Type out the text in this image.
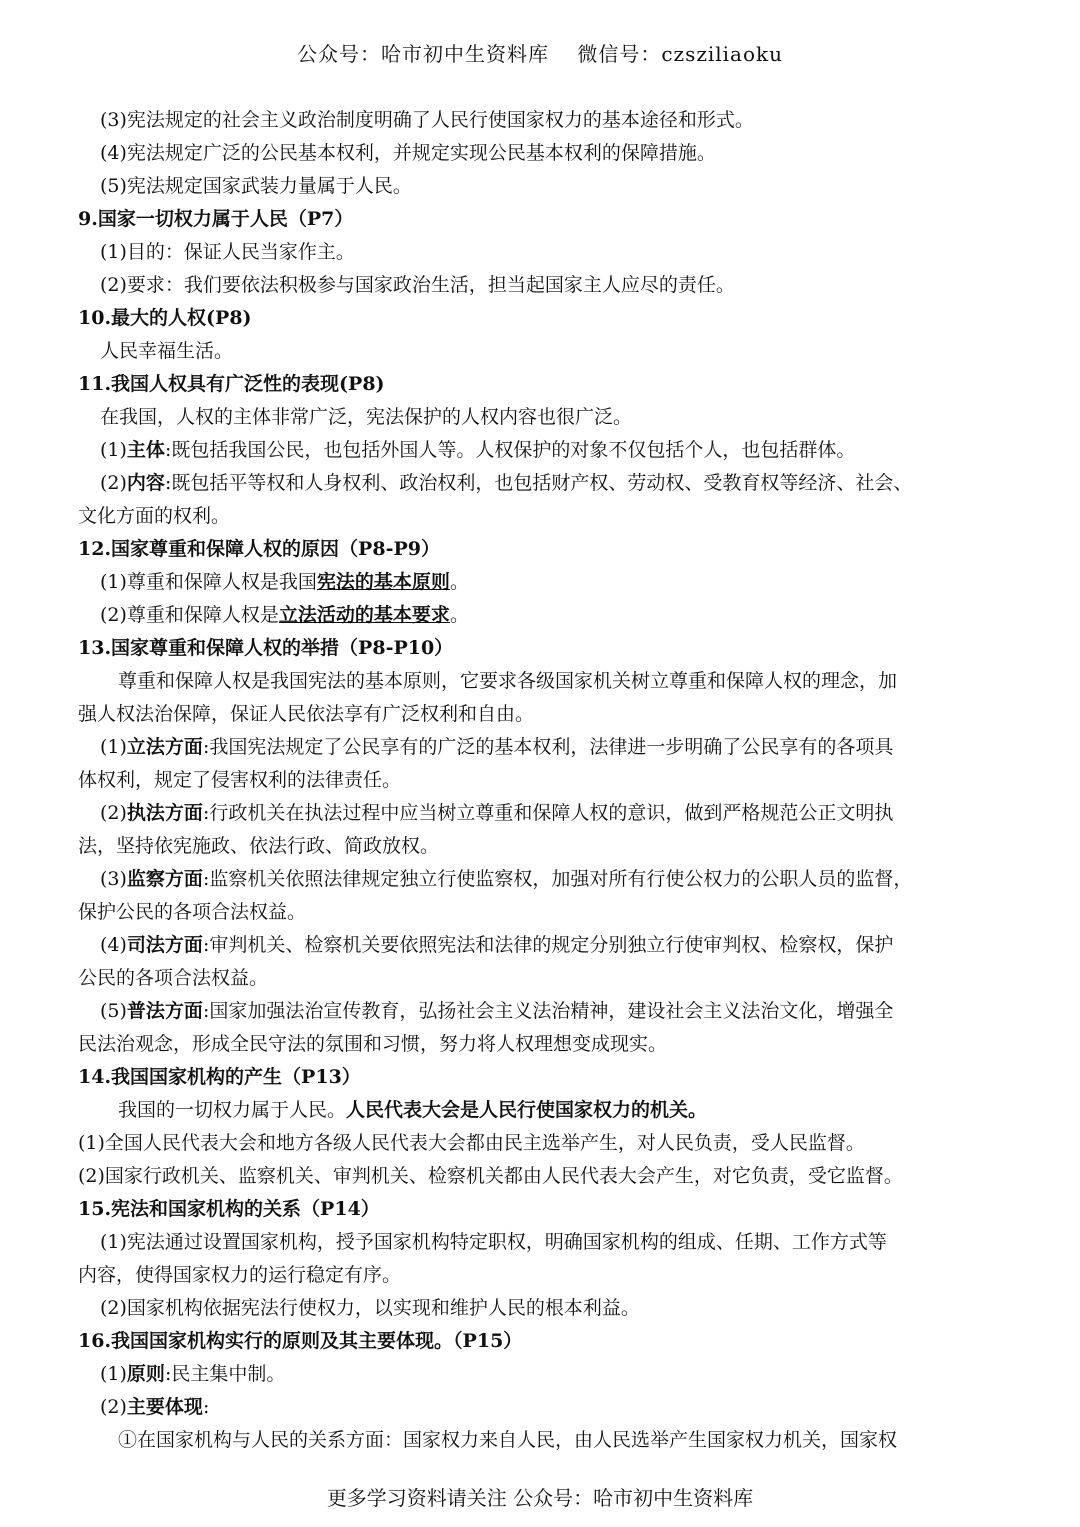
公众号：哈市初中生资料库　 微信号：czsziliaoku
(3)宪法规定的社会主义政治制度明确了人民行使国家权力的基本途径和形式。
(4)宪法规定广泛的公民基本权利，并规定实现公民基本权利的保障措施。
(5)宪法规定国家武装力量属于人民。
9.国家一切权力属于人民（P7）
(1)目的：保证人民当家作主。
(2)要求：我们要依法积极参与国家政治生活，担当起国家主人应尽的责任。
10.最大的人权(P8)
人民幸福生活。
11.我国人权具有广泛性的表现(P8)
在我国，人权的主体非常广泛，宪法保护的人权内容也很广泛。
(1)主体:既包括我国公民，也包括外国人等。人权保护的对象不仅包括个人，也包括群体。
(2)内容:既包括平等权和人身权利、政治权利，也包括财产权、劳动权、受教育权等经济、社会、
文化方面的权利。
12.国家尊重和保障人权的原因（P8-P9）
(1)尊重和保障人权是我国宪法的基本原则。
(2)尊重和保障人权是立法活动的基本要求。
13.国家尊重和保障人权的举措（P8-P10）
尊重和保障人权是我国宪法的基本原则，它要求各级国家机关树立尊重和保障人权的理念，加
强人权法治保障，保证人民依法享有广泛权利和自由。
(1)立法方面:我国宪法规定了公民享有的广泛的基本权利，法律进一步明确了公民享有的各项具
体权利，规定了侵害权利的法律责任。
(2)执法方面:行政机关在执法过程中应当树立尊重和保障人权的意识，做到严格规范公正文明执
法，坚持依宪施政、依法行政、简政放权。
(3)监察方面:监察机关依照法律规定独立行使监察权，加强对所有行使公权力的公职人员的监督，
保护公民的各项合法权益。
(4)司法方面:审判机关、检察机关要依照宪法和法律的规定分别独立行使审判权、检察权，保护
公民的各项合法权益。
(5)普法方面:国家加强法治宣传教育，弘扬社会主义法治精神，建设社会主义法治文化，增强全
民法治观念，形成全民守法的氛围和习惯，努力将人权理想变成现实。
14.我国国家机构的产生（P13）
我国的一切权力属于人民。人民代表大会是人民行使国家权力的机关。
(1)全国人民代表大会和地方各级人民代表大会都由民主选举产生，对人民负责，受人民监督。
(2)国家行政机关、监察机关、审判机关、检察机关都由人民代表大会产生，对它负责，受它监督。
15.宪法和国家机构的关系（P14）
(1)宪法通过设置国家机构，授予国家机构特定职权，明确国家机构的组成、任期、工作方式等
内容，使得国家权力的运行稳定有序。
(2)国家机构依据宪法行使权力，以实现和维护人民的根本利益。
16.我国国家机构实行的原则及其主要体现。（P15）
(1)原则:民主集中制。
(2)主要体现:
①在国家机构与人民的关系方面：国家权力来自人民，由人民选举产生国家权力机关，国家权
更多学习资料请关注 公众号：哈市初中生资料库
